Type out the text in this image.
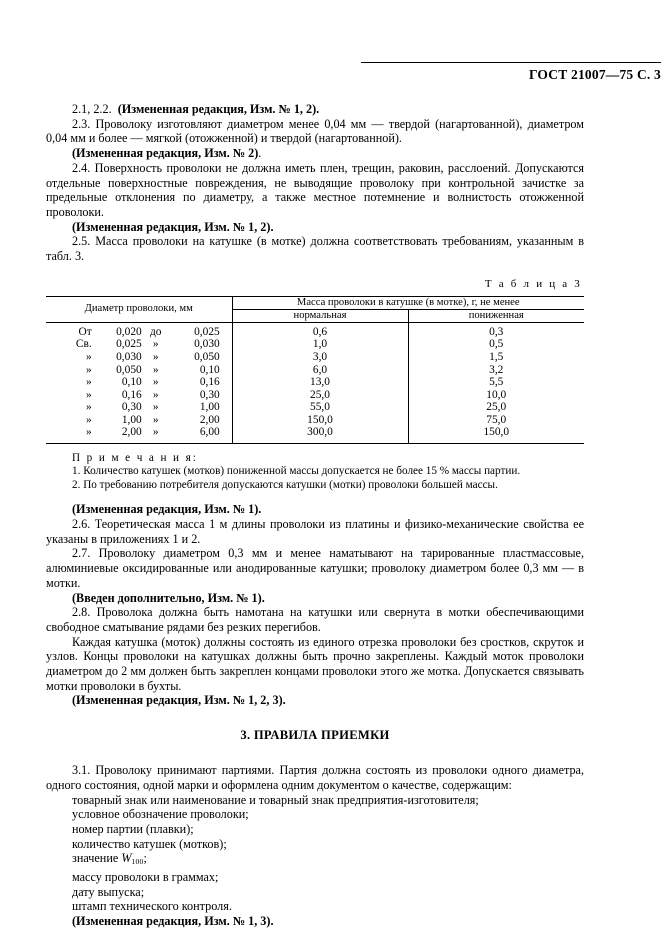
ГОСТ 21007—75 С. 3

2.1, 2.2. (Измененная редакция, Изм. № 1, 2).

2.3. Проволоку изготовляют диаметром менее 0,04 мм — твердой (нагартованной), диаметром 0,04 мм и более — мягкой (отожженной) и твердой (нагартованной).

(Измененная редакция, Изм. № 2).

2.4. Поверхность проволоки не должна иметь плен, трещин, раковин, расслоений. Допускаются отдельные поверхностные повреждения, не выводящие проволоку при контрольной зачистке за предельные отклонения по диаметру, а также местное потемнение и волнистость отожженной проволоки.

(Измененная редакция, Изм. № 1, 2).

2.5. Масса проволоки на катушке (в мотке) должна соответствовать требованиям, указанным в табл. 3.

Т а б л и ц а 3

Диаметр проволоки, мм	Масса проволоки в катушке (в мотке), г, не менее	
	нормальная	пониженная

От 0,020 до 0,025	0,6	0,3

Св. 0,025 » 0,030	1,0	0,5

» 0,030 » 0,050	3,0	1,5

» 0,050 » 0,10	6,0	3,2

» 0,10 » 0,16	13,0	5,5

» 0,16 » 0,30	25,0	10,0

» 0,30 » 1,00	55,0	25,0

» 1,00 » 2,00	150,0	75,0

» 2,00 » 6,00	300,0	150,0

П р и м е ч а н и я:

1. Количество катушек (мотков) пониженной массы допускается не более 15 % массы партии.

2. По требованию потребителя допускаются катушки (мотки) проволоки большей массы.

(Измененная редакция, Изм. № 1).

2.6. Теоретическая масса 1 м длины проволоки из платины и физико-механические свойства ее указаны в приложениях 1 и 2.

2.7. Проволоку диаметром 0,3 мм и менее наматывают на тарированные пластмассовые, алюминиевые оксидированные или анодированные катушки; проволоку диаметром более 0,3 мм — в мотки.

(Введен дополнительно, Изм. № 1).

2.8. Проволока должна быть намотана на катушки или свернута в мотки обеспечивающими свободное сматывание рядами без резких перегибов.

Каждая катушка (моток) должны состоять из единого отрезка проволоки без сростков, скруток и узлов. Концы проволоки на катушках должны быть прочно закреплены. Каждый моток проволоки диаметром до 2 мм должен быть закреплен концами проволоки этого же мотка. Допускается связывать мотки проволоки в бухты.

(Измененная редакция, Изм. № 1, 2, 3).

3. ПРАВИЛА ПРИЕМКИ

3.1. Проволоку принимают партиями. Партия должна состоять из проволоки одного диаметра, одного состояния, одной марки и оформлена одним документом о качестве, содержащим:

товарный знак или наименование и товарный знак предприятия-изготовителя;

условное обозначение проволоки;

номер партии (плавки);

количество катушек (мотков);

значение $W_{100}$;

массу проволоки в граммах;

дату выпуска;

штамп технического контроля.

(Измененная редакция, Изм. № 1, 3).
